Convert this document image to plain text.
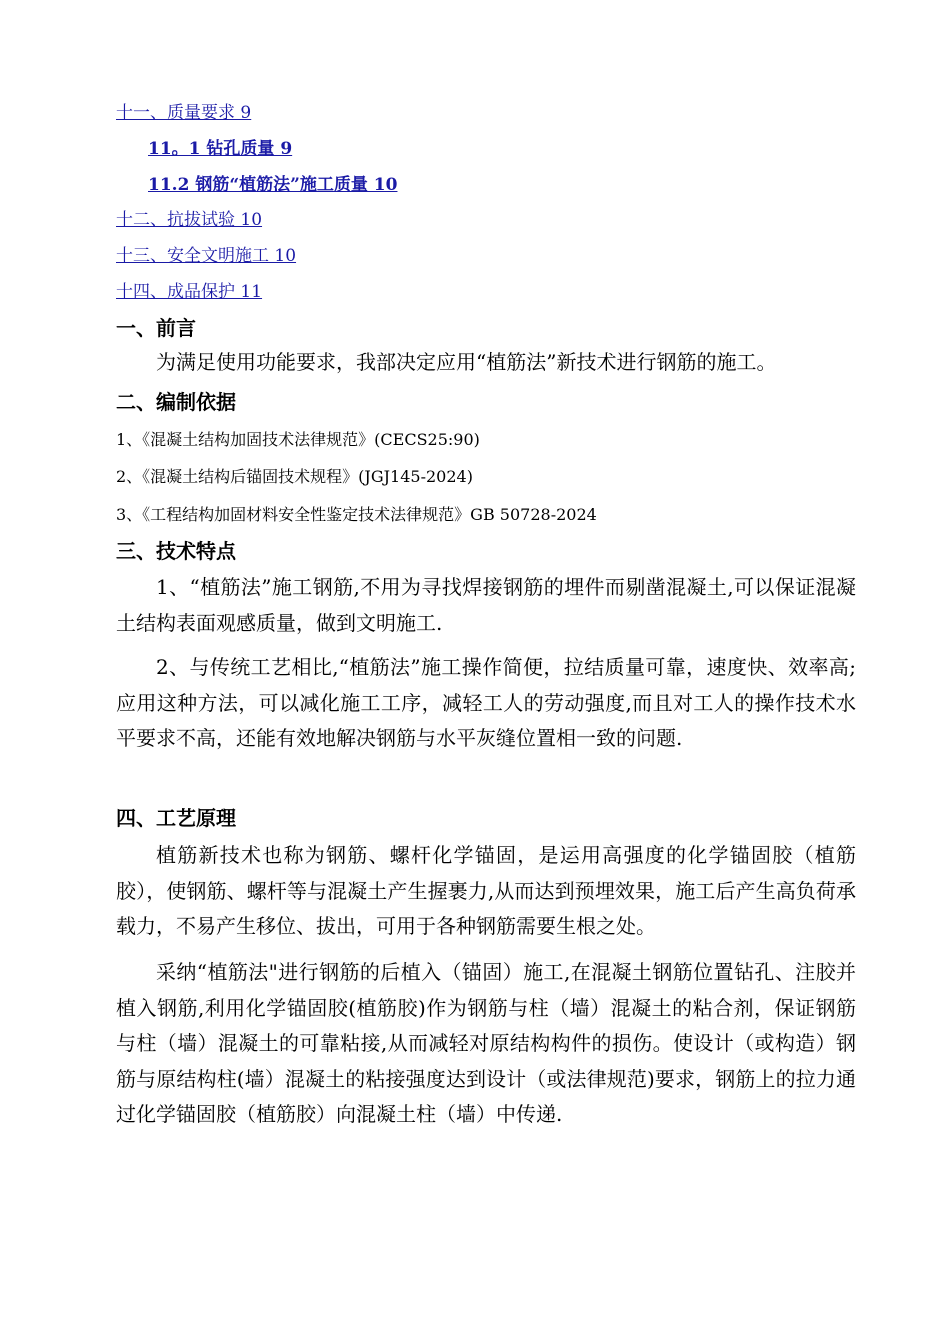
十一、质量要求 9
11。1 钻孔质量 9
11.2 钢筋“植筋法”施工质量 10
十二、抗拔试验 10
十三、安全文明施工 10
十四、成品保护 11
一、前言

为满足使用功能要求，我部决定应用“植筋法”新技术进行钢筋的施工。

二、编制依据
1、《混凝土结构加固技术法律规范》(CECS25:90)
2、《混凝土结构后锚固技术规程》(JGJ145-2024)
3、《工程结构加固材料安全性鉴定技术法律规范》GB 50728-2024
三、技术特点

1、“植筋法”施工钢筋,不用为寻找焊接钢筋的埋件而剔凿混凝土,可以保证混凝土结构表面观感质量，做到文明施工.

2、与传统工艺相比,“植筋法”施工操作简便，拉结质量可靠，速度快、效率高;应用这种方法，可以减化施工工序，减轻工人的劳动强度,而且对工人的操作技术水平要求不高，还能有效地解决钢筋与水平灰缝位置相一致的问题.

四、工艺原理

植筋新技术也称为钢筋、螺杆化学锚固，是运用高强度的化学锚固胶（植筋胶），使钢筋、螺杆等与混凝土产生握裹力,从而达到预埋效果，施工后产生高负荷承载力，不易产生移位、拔出，可用于各种钢筋需要生根之处。

采纳“植筋法"进行钢筋的后植入（锚固）施工,在混凝土钢筋位置钻孔、注胶并植入钢筋,利用化学锚固胶(植筋胶)作为钢筋与柱（墙）混凝土的粘合剂，保证钢筋与柱（墙）混凝土的可靠粘接,从而减轻对原结构构件的损伤。使设计（或构造）钢筋与原结构柱(墙）混凝土的粘接强度达到设计（或法律规范)要求，钢筋上的拉力通过化学锚固胶（植筋胶）向混凝土柱（墙）中传递.
